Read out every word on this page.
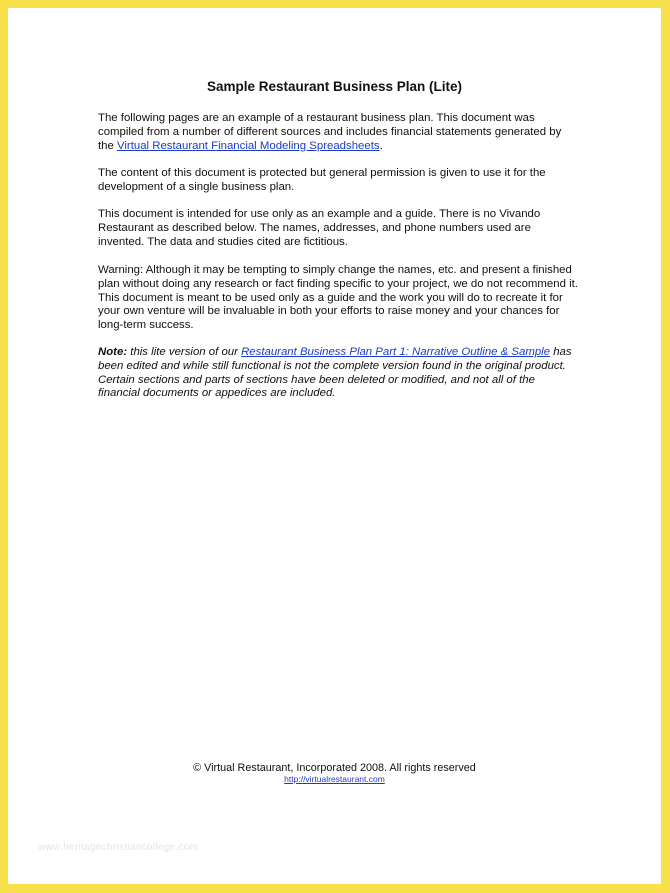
Sample Restaurant Business Plan (Lite)

The following pages are an example of a restaurant business plan. This document was compiled from a number of different sources and includes financial statements generated by the Virtual Restaurant Financial Modeling Spreadsheets.

The content of this document is protected but general permission is given to use it for the development of a single business plan.

This document is intended for use only as an example and a guide. There is no Vivando Restaurant as described below. The names, addresses, and phone numbers used are invented. The data and studies cited are fictitious.

Warning: Although it may be tempting to simply change the names, etc. and present a finished plan without doing any research or fact finding specific to your project, we do not recommend it. This document is meant to be used only as a guide and the work you will do to recreate it for your own venture will be invaluable in both your efforts to raise money and your chances for long-term success.

Note: this lite version of our Restaurant Business Plan Part 1: Narrative Outline & Sample has been edited and while still functional is not the complete version found in the original product. Certain sections and parts of sections have been deleted or modified, and not all of the financial documents or appedices are included.

© Virtual Restaurant, Incorporated 2008. All rights reserved
http://virtualrestaurant.com
www.heritagechristiancollege.com
